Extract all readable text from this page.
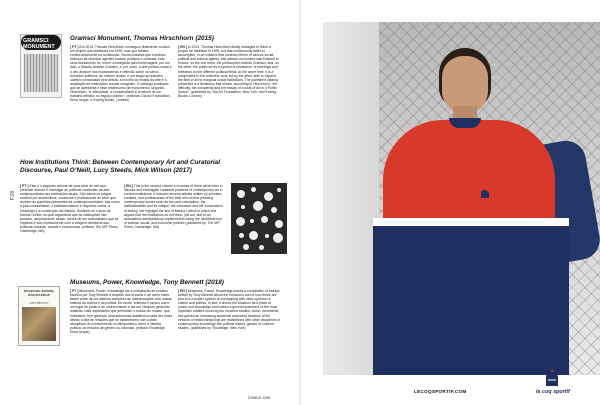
F28

GRAMSCI MONUMENT

Gramsci Monument, Thomas Hirschhorn (2015)

[ PT ] Em 2013, Thomas Hirschhorn conseguiu finalmente concluir um projeto que idealizara em 1999, mas que falhara consecutivamente na construção. Numa iniciativa que envolveu esforços de diversos agentes sociais, políticos e culturais, esta obra-monumento foi, enfim, conseguida para homenagear, por um lado, o filósofo António Gramsci, e, por outro, a arte político-social e o seu alcance nos ecossistemas e reflexão sobre os vários domínios políticos. Ao mesmo tempo, e um elogio ao trabalho coletivo comandado pelo artista, a recolha do estado da arte e a ampliação de instituições sociais marginais. O catálogo publicado que se apresenta é esse testemunho de monumento: segundo Hirschhorn, “a dificuldade, a complexidade e a beleza de um trabalho artístico no espaço público”. (editoras: Dia Art Foundation, Nova Iorque, e Koenig Books, Londres)

[ EN ] In 2013, Thomas Hirschhorn finally managed to finish a project he idealised in 1999, but that continuously failed to accomplish. In an initiative that involved efforts of various social, political and cultural agents, this artwork-monument was finished to honour, on the one hand, the philosopher António Gramsci, and, on the other, the public art as a symbol of resistance, of meetings and reflection on the different political fields. At the same time, it is a compliment to the collective work led by the artist, able to expand the field of art to marginal social institutions. The published catalog presented is a testimony that shows, according to Hirschhorn, “the difficulty, the complexity and the beauty of a work of Art in a Public Space”. (published by: Dia Art Foundation, New York, and Koenig Books, London)

How Institutions Think: Between Contemporary Art and Curatorial Discourse, Paul O’Neill, Lucy Steeds, Mick Wilson (2017)

[ PT ] Este é o segundo volume de uma série de três que pretende discutir e investigar as políticas curatoriais da arte contemporânea nas instituições atuais. São vários os artigos escritos por académicos, curadores e profissionais do setor que revêem as questões prementes da contemporaneidade, tais como a pós-colonialidade, o institucionalismo e respetiva crítica, a educação e a construção da História. Sublinhe-se o texto de Marina Gržinić no qual argumenta que as instituições não pensam, simplesmente atuam, mercê de um automatismo que se implanta e sub-repticiamente com a viragem neoliberal das políticas culturais, sociais e económicas. (editora: The MIT Press, Cambridge, MA)

[ EN ] This is the second volume in a series of three which tries to discuss and investigate curatorial practices of contemporary art in current institutions. It includes several articles written by scholars, curators, and professionals of the field who review pressing contemporary issues such as the post-colonialism, the institutionalism and its critique, the education and the construction of history. We highlight the text of Marina Gržinić in which she argues that the institutions do not think, just act, due to an automatism surreptitiously implemented during the neoliberal turn of cultural, social, and economic policies (published by: The MIT Press, Cambridge, MA)

MUSEUMS, POWER, KNOWLEDGE

TONY BENNETT

Museums, Power, Knowledge, Tony Bennett (2018)

[ PT ] Museums, Power, Knowledge faz a compilação de ensaios escritos por Tony Bennett a respeito dos museus e de como estes fazem parte de um sistema complexo de sobreposições com outras esferas da cultura e da política. No fundo, entenda o museu como um lugar de poder e de conhecimento e faz um cômputo geral das matérias mais importantes que permeiam o estudo do museu, que, entretanto, tem ganhado uma autonomia académica cada vez maior devido à teia de relações que se estabelecem com outras disciplinas do conhecimento contemporâneo como a história política, os estudos de género ou coloniais. (editora: Routledge, Nova Iorque)

[ EN ] Museums, Power, Knowledge makes a compilation of essays written by Tony Bennett about the museums and of how these are part of a complex system of overlapping with other spheres of culture and politics. In fact, it shows the Museum as a place of power and knowledge and makes a general statement of the most important matters involving the museum studies, which, meanwhile, has gained an increasing academic autonomy because of the network of relationships that are established with other disciplines of contemporary knowledge like political history, gender or colonial studies. (published by: Routledge, New York)

DOMUS 1055

LECOQSPORTIF.COM	le coq sportif
